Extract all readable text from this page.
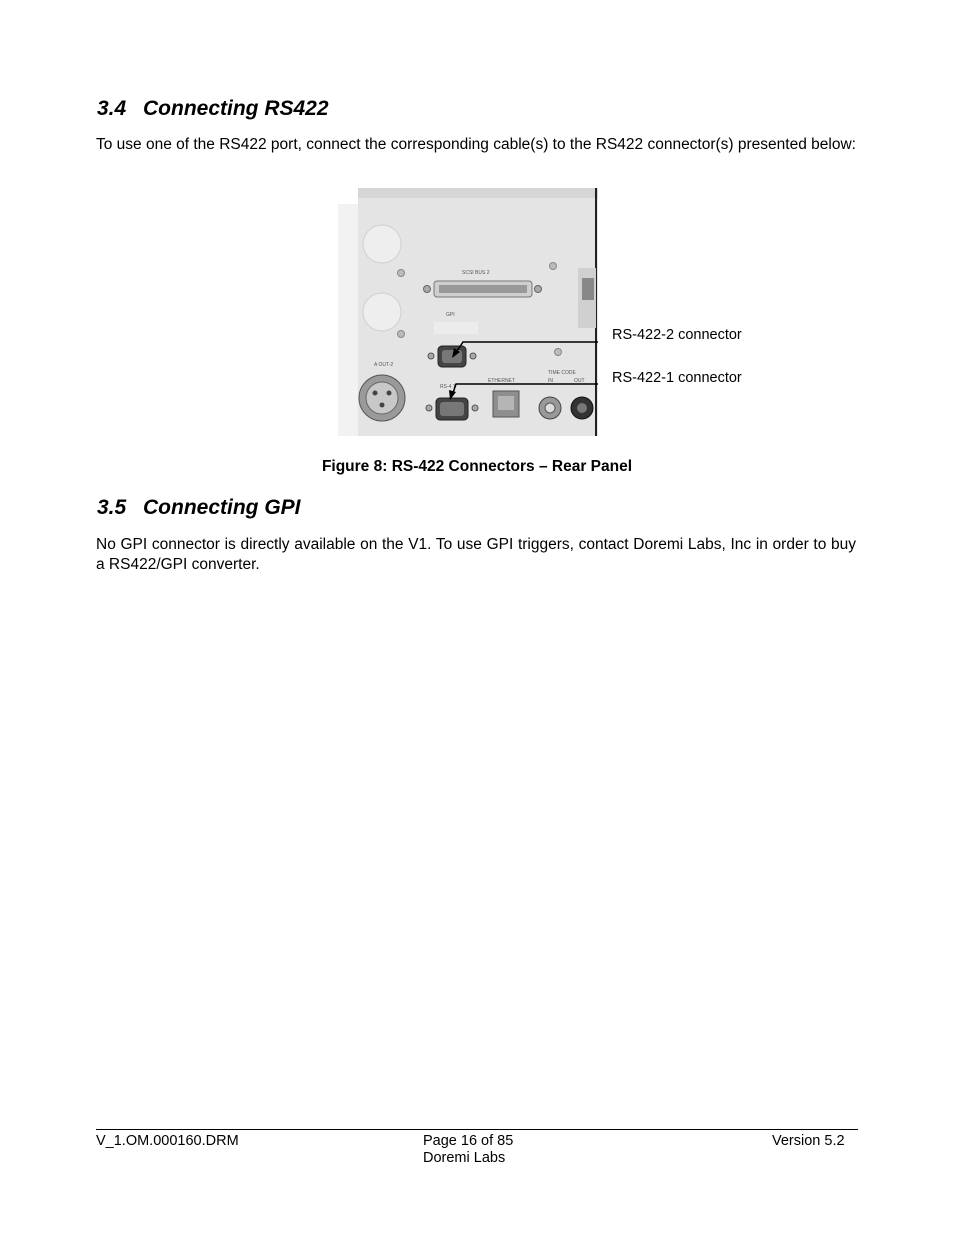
3.4 Connecting RS422

To use one of the RS422 port, connect the corresponding cable(s) to the RS422 connector(s) presented below:

SCSI BUS 2
GPI
A OUT-2
RS-4 1
ETHERNET
TIME CODE
IN	OUT
RS-422-2 connector
RS-422-1 connector

Figure 8: RS-422 Connectors – Rear Panel

3.5 Connecting GPI

No GPI connector is directly available on the V1. To use GPI triggers, contact Doremi Labs, Inc in order to buy a RS422/GPI converter.

V_1.OM.000160.DRM	Page 16 of 85
Doremi Labs
Version 5.2
